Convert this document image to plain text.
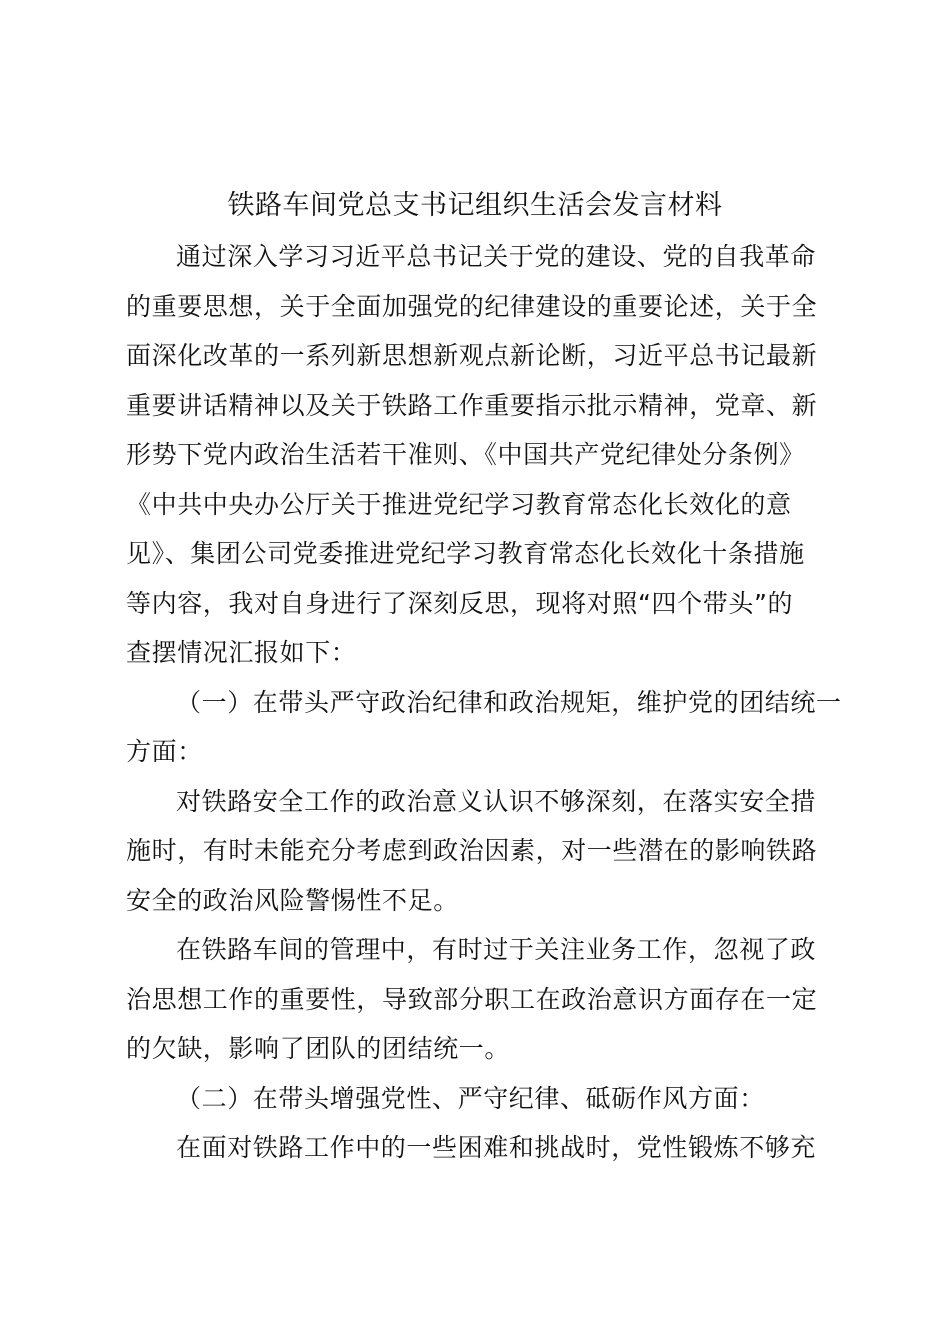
铁路车间党总支书记组织生活会发言材料
通过深入学习习近平总书记关于党的建设、党的自我革命
的重要思想，关于全面加强党的纪律建设的重要论述，关于全
面深化改革的一系列新思想新观点新论断，习近平总书记最新
重要讲话精神以及关于铁路工作重要指示批示精神，党章、新
形势下党内政治生活若干准则、《中国共产党纪律处分条例》
《中共中央办公厅关于推进党纪学习教育常态化长效化的意
见》、集团公司党委推进党纪学习教育常态化长效化十条措施
等内容，我对自身进行了深刻反思，现将对照“四个带头”的
查摆情况汇报如下：
（一）在带头严守政治纪律和政治规矩，维护党的团结统一
方面：
对铁路安全工作的政治意义认识不够深刻，在落实安全措
施时，有时未能充分考虑到政治因素，对一些潜在的影响铁路
安全的政治风险警惕性不足。
在铁路车间的管理中，有时过于关注业务工作，忽视了政
治思想工作的重要性，导致部分职工在政治意识方面存在一定
的欠缺，影响了团队的团结统一。
（二）在带头增强党性、严守纪律、砥砺作风方面：
在面对铁路工作中的一些困难和挑战时，党性锻炼不够充
